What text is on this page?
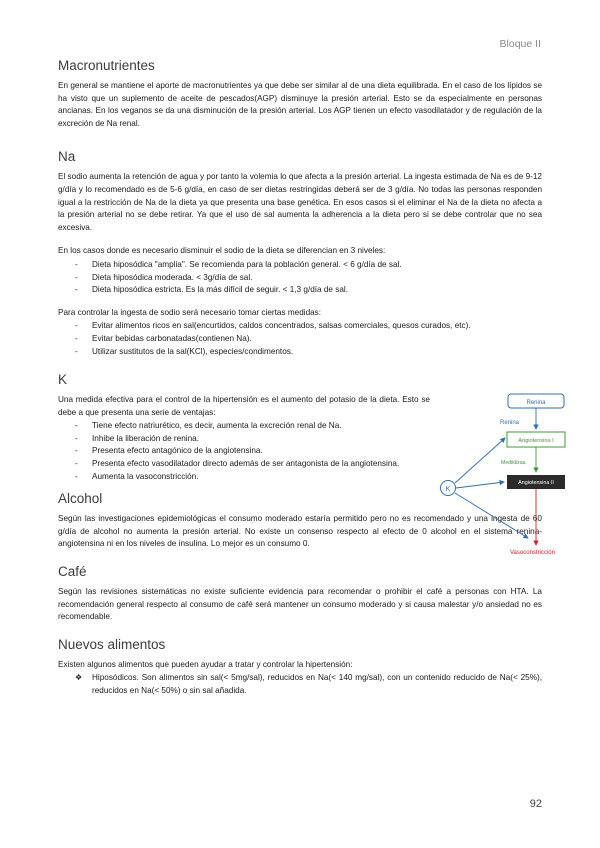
Bloque II
Macronutrientes

En general se mantiene el aporte de macronutrientes ya que debe ser similar al de una dieta equilibrada. En el caso de los lípidos se ha visto que un suplemento de aceite de pescados(AGP) disminuye la presión arterial. Esto se da especialmente en personas ancianas. En los veganos se da una disminución de la presión arterial. Los AGP tienen un efecto vasodilatador y de regulación de la excreción de Na renal.

Na

El sodio aumenta la retención de agua y por tanto la volemia lo que afecta a la presión arterial. La ingesta estimada de Na es de 9-12 g/día y lo recomendado es de 5-6 g/día, en caso de ser dietas restringidas deberá ser de 3 g/día. No todas las personas responden igual a la restricción de Na de la dieta ya que presenta una base genética. En esos casos si el eliminar el Na de la dieta no afecta a la presión arterial no se debe retirar. Ya que el uso de sal aumenta la adherencia a la dieta pero si se debe controlar que no sea excesiva.

En los casos donde es necesario disminuir el sodio de la dieta se diferencian en 3 niveles:

- Dieta hiposódica "amplia". Se recomienda para la población general. < 6 g/día de sal.
- Dieta hiposódica moderada. < 3g/día de sal.
- Dieta hiposódica estricta. Es la más difícil de seguir. < 1,3 g/día de sal.

Para controlar la ingesta de sodio será necesario tomar ciertas medidas:

- Evitar alimentos ricos en sal(encurtidos, caldos concentrados, salsas comerciales, quesos curados, etc).
- Evitar bebidas carbonatadas(contienen Na).
- Utilizar sustitutos de la sal(KCl), especies/condimentos.
K

Una medida efectiva para el control de la hipertensión es el aumento del potasio de la dieta. Esto se debe a que presenta una serie de ventajas:

- Tiene efecto natriurético, es decir, aumenta la excreción renal de Na.
- Inhibe la liberación de renina.
- Presenta efecto antagónico de la angiotensina.
- Presenta efecto vasodilatador directo además de ser antagonista de la angiotensina.
- Aumenta la vasoconstricción.
Alcohol

Según las investigaciones epidemiológicas el consumo moderado estaría permitido pero no es recomendado y una ingesta de 60 g/día de alcohol no aumenta la presión arterial. No existe un consenso respecto al efecto de 0 alcohol en el sistema renina-angiotensina ni en los niveles de insulina. Lo mejor es un consumo 0.

Café

Según las revisiones sistemáticas no existe suficiente evidencia para recomendar o prohibir el café a personas con HTA. La recomendación general respecto al consumo de café será mantener un consumo moderado y si causa malestar y/o ansiedad no es recomendable.

Nuevos alimentos

Existen algunos alimentos que pueden ayudar a tratar y controlar la hipertensión:

❖ Hiposódicos. Son alimentos sin sal(< 5mg/sal), reducidos en Na(< 140 mg/sal), con un contenido reducido de Na(< 25%), reducidos en Na(< 50%) o sin sal añadida.
Renina
Renina
Angiotensina I
Mediklizaa
Angiotensina II
Vasoconstricción
K
92
